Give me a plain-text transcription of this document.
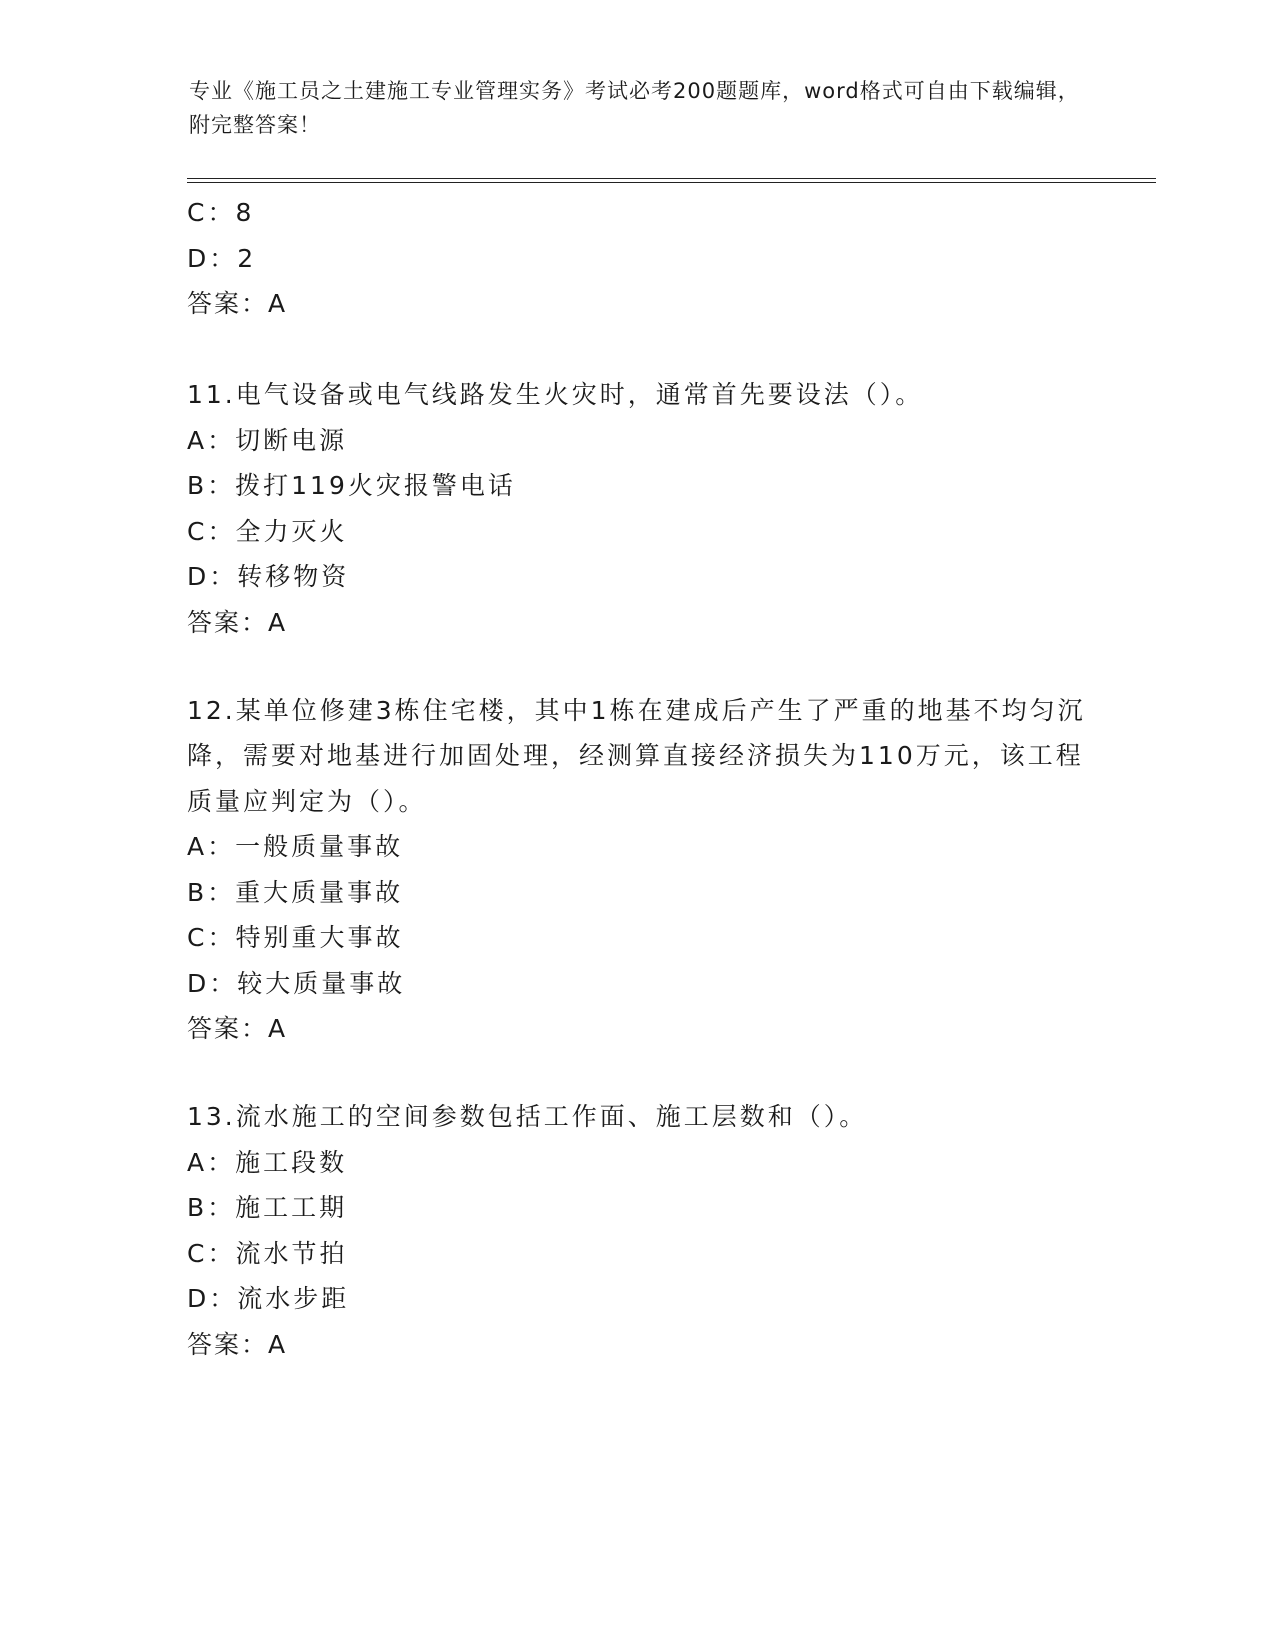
专业《施工员之土建施工专业管理实务》考试必考200题题库，word格式可自由下载编辑，附完整答案！
C：8
D：2
答案：A
11.电气设备或电气线路发生火灾时，通常首先要设法（）。
A：切断电源
B：拨打119火灾报警电话
C：全力灭火
D：转移物资
答案：A
12.某单位修建3栋住宅楼，其中1栋在建成后产生了严重的地基不均匀沉降，需要对地基进行加固处理，经测算直接经济损失为110万元，该工程质量应判定为（）。
A：一般质量事故
B：重大质量事故
C：特别重大事故
D：较大质量事故
答案：A
13.流水施工的空间参数包括工作面、施工层数和（）。
A：施工段数
B：施工工期
C：流水节拍
D：流水步距
答案：A
